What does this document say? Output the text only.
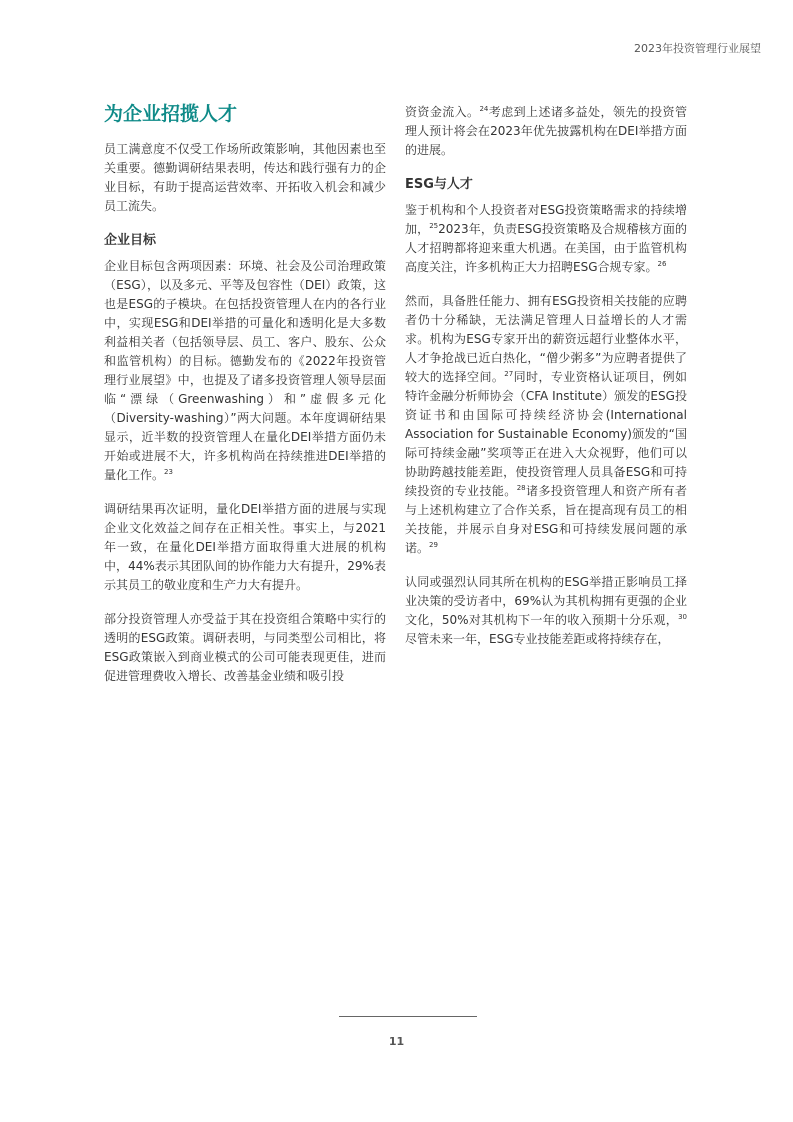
2023年投资管理行业展望
为企业招揽人才

员工满意度不仅受工作场所政策影响，其他因素也至关重要。德勤调研结果表明，传达和践行强有力的企业目标，有助于提高运营效率、开拓收入机会和减少员工流失。

企业目标

企业目标包含两项因素：环境、社会及公司治理政策（ESG），以及多元、平等及包容性（DEI）政策，这也是ESG的子模块。在包括投资管理人在内的各行业中，实现ESG和DEI举措的可量化和透明化是大多数利益相关者（包括领导层、员工、客户、股东、公众和监管机构）的目标。德勤发布的《2022年投资管理行业展望》中，也提及了诸多投资管理人领导层面临“漂绿（Greenwashing）和”虚假多元化（Diversity-washing）”两大问题。本年度调研结果显示，近半数的投资管理人在量化DEI举措方面仍未开始或进展不大，许多机构尚在持续推进DEI举措的量化工作。$^{23}$

调研结果再次证明，量化DEI举措方面的进展与实现企业文化效益之间存在正相关性。事实上，与2021年一致，在量化DEI举措方面取得重大进展的机构中，44%表示其团队间的协作能力大有提升，29%表示其员工的敬业度和生产力大有提升。

部分投资管理人亦受益于其在投资组合策略中实行的透明的ESG政策。调研表明，与同类型公司相比，将ESG政策嵌入到商业模式的公司可能表现更佳，进而促进管理费收入增长、改善基金业绩和吸引投

资资金流入。$^{24}$考虑到上述诸多益处，领先的投资管理人预计将会在2023年优先披露机构在DEI举措方面的进展。

ESG与人才

鉴于机构和个人投资者对ESG投资策略需求的持续增加，$^{25}$2023年，负责ESG投资策略及合规稽核方面的人才招聘都将迎来重大机遇。在美国，由于监管机构高度关注，许多机构正大力招聘ESG合规专家。$^{26}$

然而，具备胜任能力、拥有ESG投资相关技能的应聘者仍十分稀缺，无法满足管理人日益增长的人才需求。机构为ESG专家开出的薪资远超行业整体水平，人才争抢战已近白热化，“僧少粥多”为应聘者提供了较大的选择空间。$^{27}$同时，专业资格认证项目，例如特许金融分析师协会（CFA Institute）颁发的ESG投资证书和由国际可持续经济协会(International Association for Sustainable Economy)颁发的“国际可持续金融”奖项等正在进入大众视野，他们可以协助跨越技能差距，使投资管理人员具备ESG和可持续投资的专业技能。$^{28}$诸多投资管理人和资产所有者与上述机构建立了合作关系，旨在提高现有员工的相关技能，并展示自身对ESG和可持续发展问题的承诺。$^{29}$

认同或强烈认同其所在机构的ESG举措正影响员工择业决策的受访者中，69%认为其机构拥有更强的企业文化，50%对其机构下一年的收入预期十分乐观，$^{30}$尽管未来一年，ESG专业技能差距或将持续存在，

11
